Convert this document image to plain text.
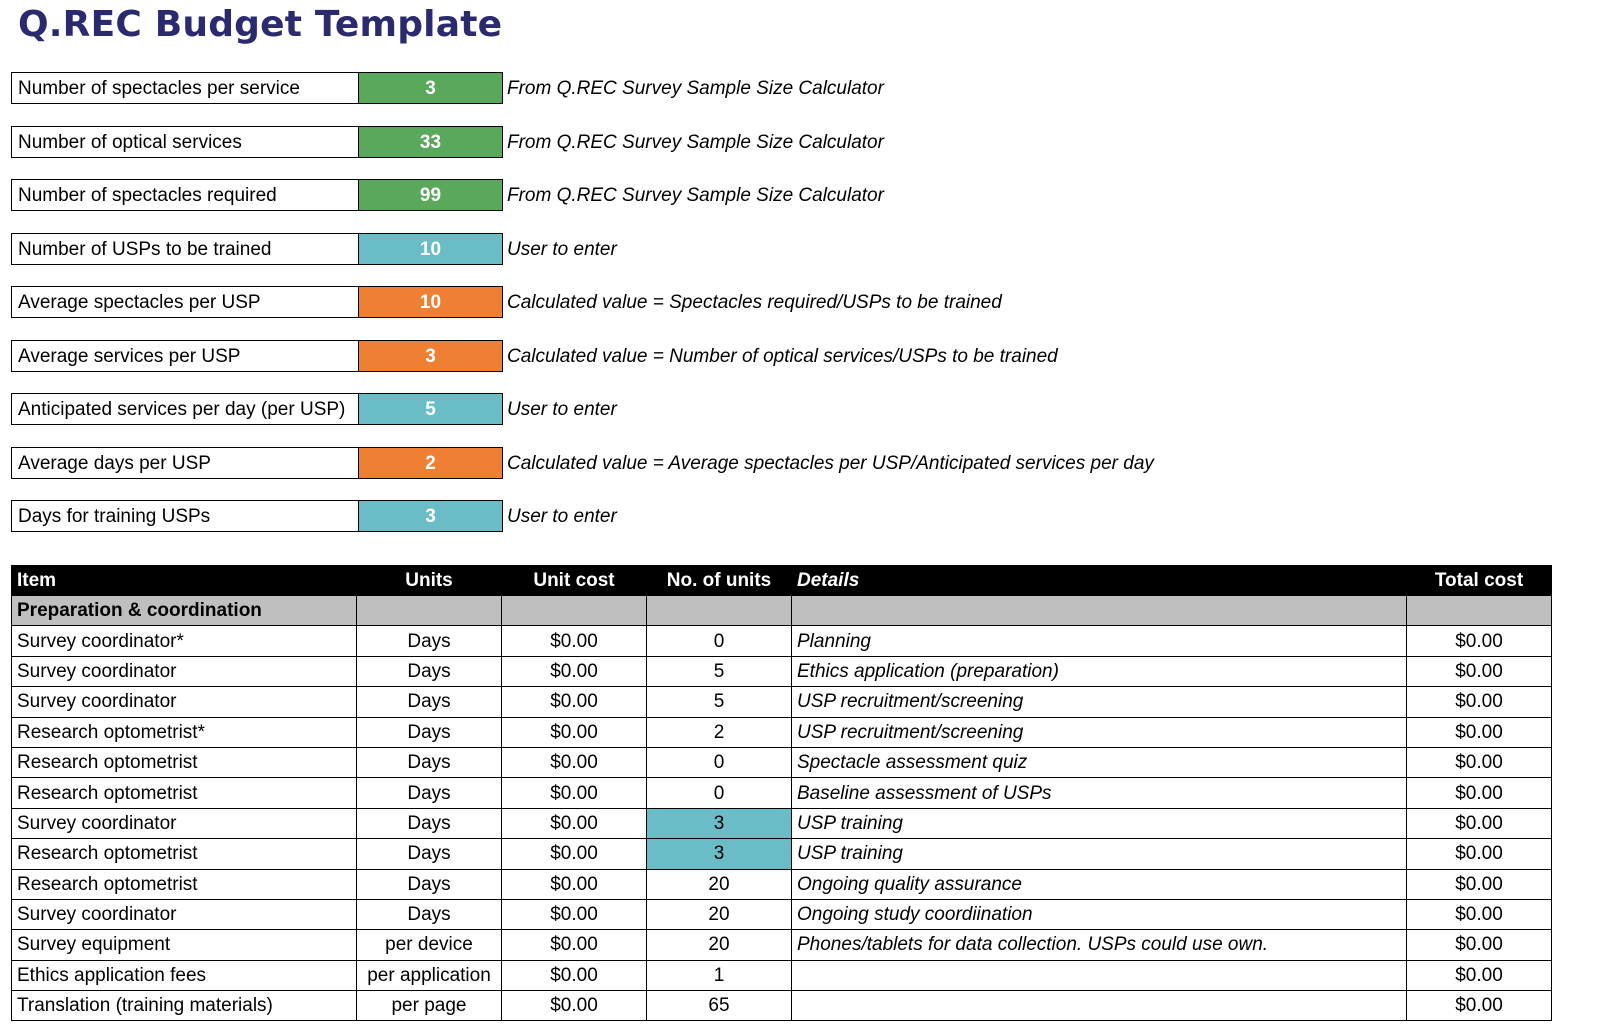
Q.REC Budget Template
Number of spectacles per service	3	From Q.REC Survey Sample Size Calculator
Number of optical services	33	From Q.REC Survey Sample Size Calculator
Number of spectacles required	99	From Q.REC Survey Sample Size Calculator
Number of USPs to be trained	10	User to enter
Average spectacles per USP	10	Calculated value = Spectacles required/USPs to be trained
Average services per USP	3	Calculated value = Number of optical services/USPs to be trained
Anticipated services per day (per USP)	5	User to enter
Average days per USP	2	Calculated value = Average spectacles per USP/Anticipated services per day
Days for training USPs	3	User to enter
Item	Units	Unit cost	No. of units	Details	Total cost
Preparation & coordination					
Survey coordinator*	Days	$0.00	0	Planning	$0.00
Survey coordinator	Days	$0.00	5	Ethics application (preparation)	$0.00
Survey coordinator	Days	$0.00	5	USP recruitment/screening	$0.00
Research optometrist*	Days	$0.00	2	USP recruitment/screening	$0.00
Research optometrist	Days	$0.00	0	Spectacle assessment quiz	$0.00
Research optometrist	Days	$0.00	0	Baseline assessment of USPs	$0.00
Survey coordinator	Days	$0.00	3	USP training	$0.00
Research optometrist	Days	$0.00	3	USP training	$0.00
Research optometrist	Days	$0.00	20	Ongoing quality assurance	$0.00
Survey coordinator	Days	$0.00	20	Ongoing study coordiination	$0.00
Survey equipment	per device	$0.00	20	Phones/tablets for data collection. USPs could use own.	$0.00
Ethics application fees	per application	$0.00	1		$0.00
Translation (training materials)	per page	$0.00	65		$0.00
